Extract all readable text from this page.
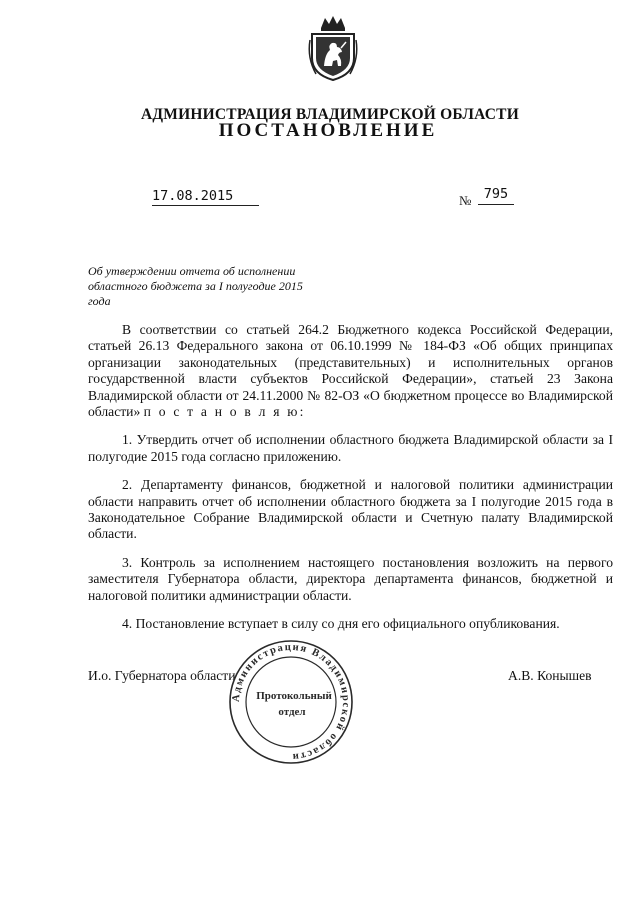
АДМИНИСТРАЦИЯ ВЛАДИМИРСКОЙ ОБЛАСТИ
ПОСТАНОВЛЕНИЕ
17.08.2015	№ 795
Об утверждении отчета об исполнении областного бюджета за I полугодие 2015 года

В соответствии со статьей 264.2 Бюджетного кодекса Российской Федерации, статьей 26.13 Федерального закона от 06.10.1999 № 184-ФЗ «Об общих принципах организации законодательных (представительных) и исполнительных органов государственной власти субъектов Российской Федерации», статьей 23 Закона Владимирской области от 24.11.2000 № 82-ОЗ «О бюджетном процессе во Владимирской области» п о с т а н о в л я ю:

1. Утвердить отчет об исполнении областного бюджета Владимирской области за I полугодие 2015 года согласно приложению.

2. Департаменту финансов, бюджетной и налоговой политики администрации области направить отчет об исполнении областного бюджета за I полугодие 2015 года в Законодательное Собрание Владимирской области и Счетную палату Владимирской области.

3. Контроль за исполнением настоящего постановления возложить на первого заместителя Губернатора области, директора департамента финансов, бюджетной и налоговой политики администрации области.

4. Постановление вступает в силу со дня его официального опубликования.

И.о. Губернатора области	А.В. Конышев
Администрация Владимирской области
Протокольный
отдел
